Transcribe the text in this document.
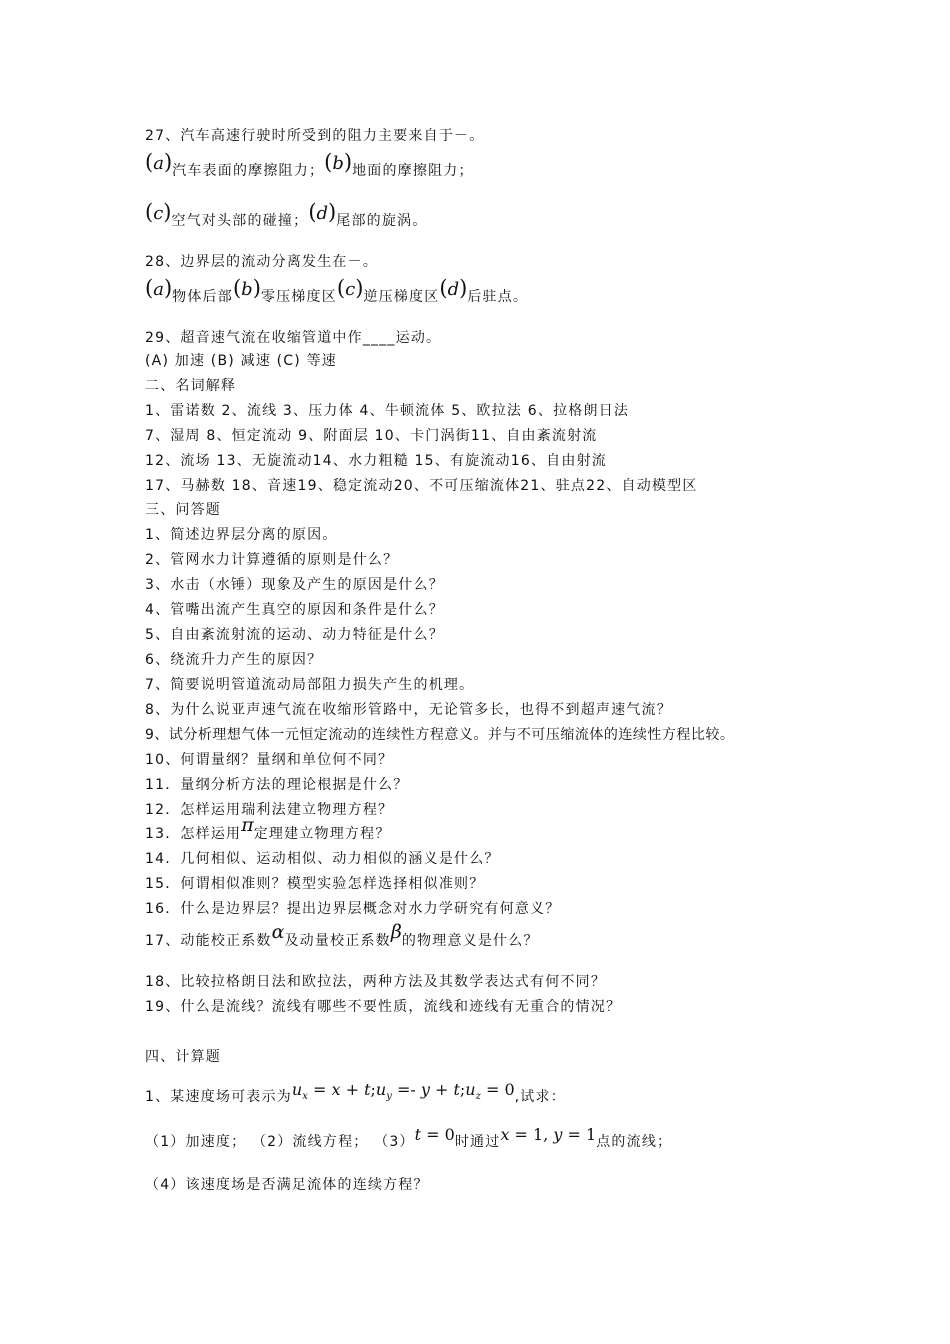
27、汽车高速行驶时所受到的阻力主要来自于－。
(a)汽车表面的摩擦阻力；(b)地面的摩擦阻力；
(c)空气对头部的碰撞；(d)尾部的旋涡。
28、边界层的流动分离发生在－。
(a)物体后部(b)零压梯度区(c)逆压梯度区(d)后驻点。
29、超音速气流在收缩管道中作____运动。
(A) 加速 (B) 减速 (C) 等速
二、名词解释
1、雷诺数 2、流线 3、压力体 4、牛顿流体 5、欧拉法 6、拉格朗日法
7、湿周 8、恒定流动 9、附面层 10、卡门涡街11、自由紊流射流
12、流场 13、无旋流动14、水力粗糙 15、有旋流动16、自由射流
17、马赫数 18、音速19、稳定流动20、不可压缩流体21、驻点22、自动模型区
三、问答题
1、简述边界层分离的原因。
2、管网水力计算遵循的原则是什么？
3、水击（水锤）现象及产生的原因是什么？
4、管嘴出流产生真空的原因和条件是什么？
5、自由紊流射流的运动、动力特征是什么？
6、绕流升力产生的原因？
7、简要说明管道流动局部阻力损失产生的机理。
8、为什么说亚声速气流在收缩形管路中，无论管多长，也得不到超声速气流？
9、试分析理想气体一元恒定流动的连续性方程意义。并与不可压缩流体的连续性方程比较。
10、何谓量纲？量纲和单位何不同？
11．量纲分析方法的理论根据是什么？
12．怎样运用瑞利法建立物理方程？
13．怎样运用π定理建立物理方程？
14．几何相似、运动相似、动力相似的涵义是什么？
15．何谓相似准则？模型实验怎样选择相似准则？
16．什么是边界层？提出边界层概念对水力学研究有何意义？
17、动能校正系数α及动量校正系数β的物理意义是什么？
18、比较拉格朗日法和欧拉法，两种方法及其数学表达式有何不同？
19、什么是流线？流线有哪些不要性质，流线和迹线有无重合的情况？
四、计算题
1、某速度场可表示为$u_x = x$ + $t;u_y =- y$ + $t;u_z = 0$,试求：
（1）加速度； （2）流线方程； （3）t = 0时通过x = 1, y = 1点的流线；
（4）该速度场是否满足流体的连续方程？
